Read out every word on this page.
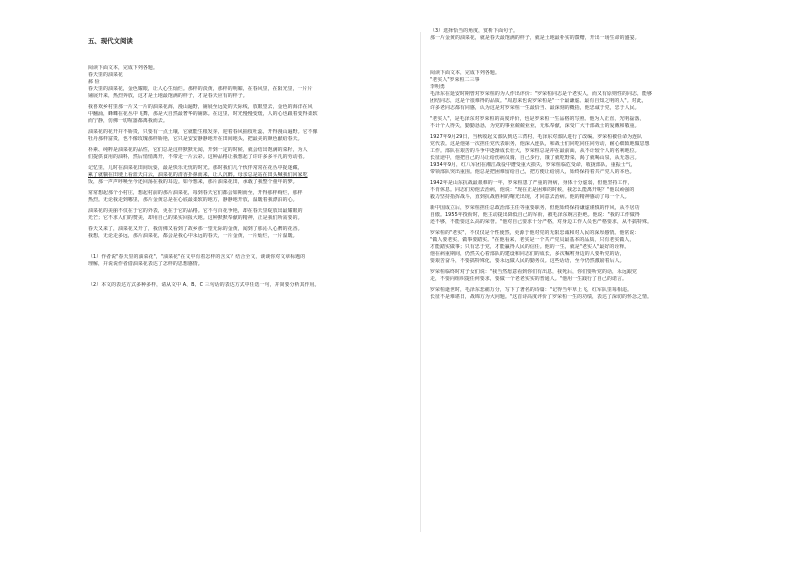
五、现代文阅读
阅读下面文本，完成下列各题。
春天里的油菜花
郝 俭
春天里的油菜花，金色耀眼，让人心生灿烂。那样的淡黄，那样的明媚，在春风里，在阳光里，一片片
铺展开来，热烈奔放，这才是土地最饱满的样子，才是春天应有的样子。
我喜欢乡村里那一片又一片的油菜花海，漫山遍野，铺展至远处的天际线，放眼望去，金色的海洋在风
中翻涌，蜂蝶在花丛中飞舞，那是大自然最奢华的铺陈。在这里，时光慢慢变缓，人的心也跟着变得柔软
而宁静，仿佛一切喧嚣都离我而去。
油菜花的花开并不娇贵，只要有一点土壤，它就能生根发芽，迎着春风抽枝吐蕊，开得漫山遍野。它不像
牡丹那样富贵，也不像玫瑰那样娇艳，它只是安安静静地开在田间地头，把最美的颜色献给春天。
朴素、纯粹是油菜花的品性，它们总是这样默默无闻，开到一定的时候，就会结出饱满的菜籽，为人
们提供食用的油料，然后悄悄离开，不带走一片云彩。这种品格让我想起了许许多多平凡的劳动者。
记忆里，儿时在油菜花田间玩耍，最是快乐无忧的时光。那时我们几个伙伴常常在花丛中捉迷藏，
累了就躺在田埂上看蓝天白云，油菜花的清香扑鼻而来，让人沉醉。母亲总是站在田头喊我们回家吃
饭，那一声声呼唤至今还回荡在我的耳边。如今想来，那片油菜花田，承载了我整个童年的梦。
常常想起那个小村庄，想起村前的那片油菜花，每到春天它们都会如期而至，开得那样绚烂，那样
热烈。无论我走到哪里，那片金黄总是在心底最柔软的地方，静静地开放，温暖着我漂泊的心。
油菜花的美丽不仅在于它的外表，更在于它的品格。它不与百花争艳，却在春天里绽放出最耀眼的
光芒；它不求人们的赞美，却用自己的果实回报大地。这种默默奉献的精神，正是我们所需要的。
春天又来了，油菜花又开了，我仿佛又看到了故乡那一望无际的金黄，闻到了那沁人心脾的花香。
我想，无论走多远，那片油菜花，都会是我心中永远的春天，一片金黄，一片灿烂，一片温暖。
（1）作者说"春天里的油菜花"，"油菜花"在文中有着怎样的含义？结合全文，谈谈你对文章标题的
理解，并说说作者借油菜花表达了怎样的思想感情。
（2）本文的表达方式多种多样，请从文中 A、B、C 三句话的表达方式中任选一句，并简要分析其作用。
（3）选择恰当的角度，赏析下面句子。
那一片金黄的油菜花，就是春天最饱满的样子，就是土地最朴实的馈赠，开出一场生命的盛宴。
阅读下面文本，完成下列各题。
"老实人"罗荣桓二三事
李明勇
毛泽东在延安时期曾对罗荣桓的为人作出评价："罗荣桓同志是个老实人，而又有原则性的同志，能够
团结同志，这是个很难得的品质。"周恩来也说罗荣桓是"一个最谦虚、最有自知之明的人"。对此，
许多老同志都有同感，认为这是对罗荣桓一生最恰当、最深刻的概括，他忠诚于党，忠于人民。
"老实人"，是毛泽东对罗荣桓的高度评价，也是罗荣桓一生品格的写照。他为人正直，光明磊落，
不计个人得失，勤勤恳恳，为党的事业兢兢业业，无私奉献，深受广大干部战士的爱戴和敬重。
1927年9月29日，当秋收起义部队到达三湾村，毛泽东对部队进行了改编。罗荣桓被任命为连队
党代表。这是他第一次担任党代表职务，他深入连队，和战士们同吃同住同劳动，耐心细致地做思想
工作。部队在艰苦的斗争中逐渐成长壮大，罗荣桓总是冲在最前面，从不计较个人的名利地位。
长征途中，他把自己的马让给伤病员骑，自己步行，饿了就吃野菜，渴了就喝山泉，从无怨言。
1934年9月，红八军团在湘江战役中遭受重大损失，罗荣桓临危受命，收拢部队，重振士气，
带领部队突出重围。他总是把困难留给自己，把方便让给别人，始终保持着共产党人的本色。
1942年是山东抗战最艰难的一年，罗荣桓患了严重的肾病，身体十分虚弱，但他坚持工作，
不肯休息。同志们劝他去治病，他说："现在正是困难的时候，我怎么能离开呢？"他以顽强的
毅力坚持指挥战斗，直到抗战胜利的曙光出现，才同意去治病。他的精神感动了每一个人。
新中国成立后，罗荣桓担任总政治部主任等重要职务，但他始终保持谦虚谨慎的作风，从不居功
自傲。1955年授衔时，他主动提出降低自己的军衔，被毛泽东婉言拒绝。他说："我的工作做得
还不够，不能要这么高的荣誉。"他对自己要求十分严格，对身边工作人员也严格要求，从不搞特殊。
罗荣桓的"老实"，不仅仅是个性使然，更源于他对党的无限忠诚和对人民的深厚感情。他常说：
"做人要老实，做事要踏实。"在他看来，老实是一个共产党员最基本的品质，只有老实做人，
才能踏实做事；只有忠于党，才能赢得人民的信任。他的一生，就是"老实人"最好的诠释。
他在病重期间，仍然关心着部队的建设和同志们的成长，多次嘱咐身边的人要听党的话，
要艰苦奋斗，不要搞特殊化，要永远做人民的勤务员。这些话语，至今仍然激励着后人。
罗荣桓临终时对子女们说："我当然愿意看到你们有出息，我死后，你们要听党的话，永远跟党
走，不要向组织提任何要求，要做一个老老实实的普通人。"他用一生践行了自己的诺言。
罗荣桓逝世时，毛泽东悲痛万分，写下了著名的诗篇："记得当年草上飞，红军队里每相违。
长征不是难堪日，战锦方为大问题。"这首诗高度评价了罗荣桓一生的功绩，表达了深切的怀念之情。
